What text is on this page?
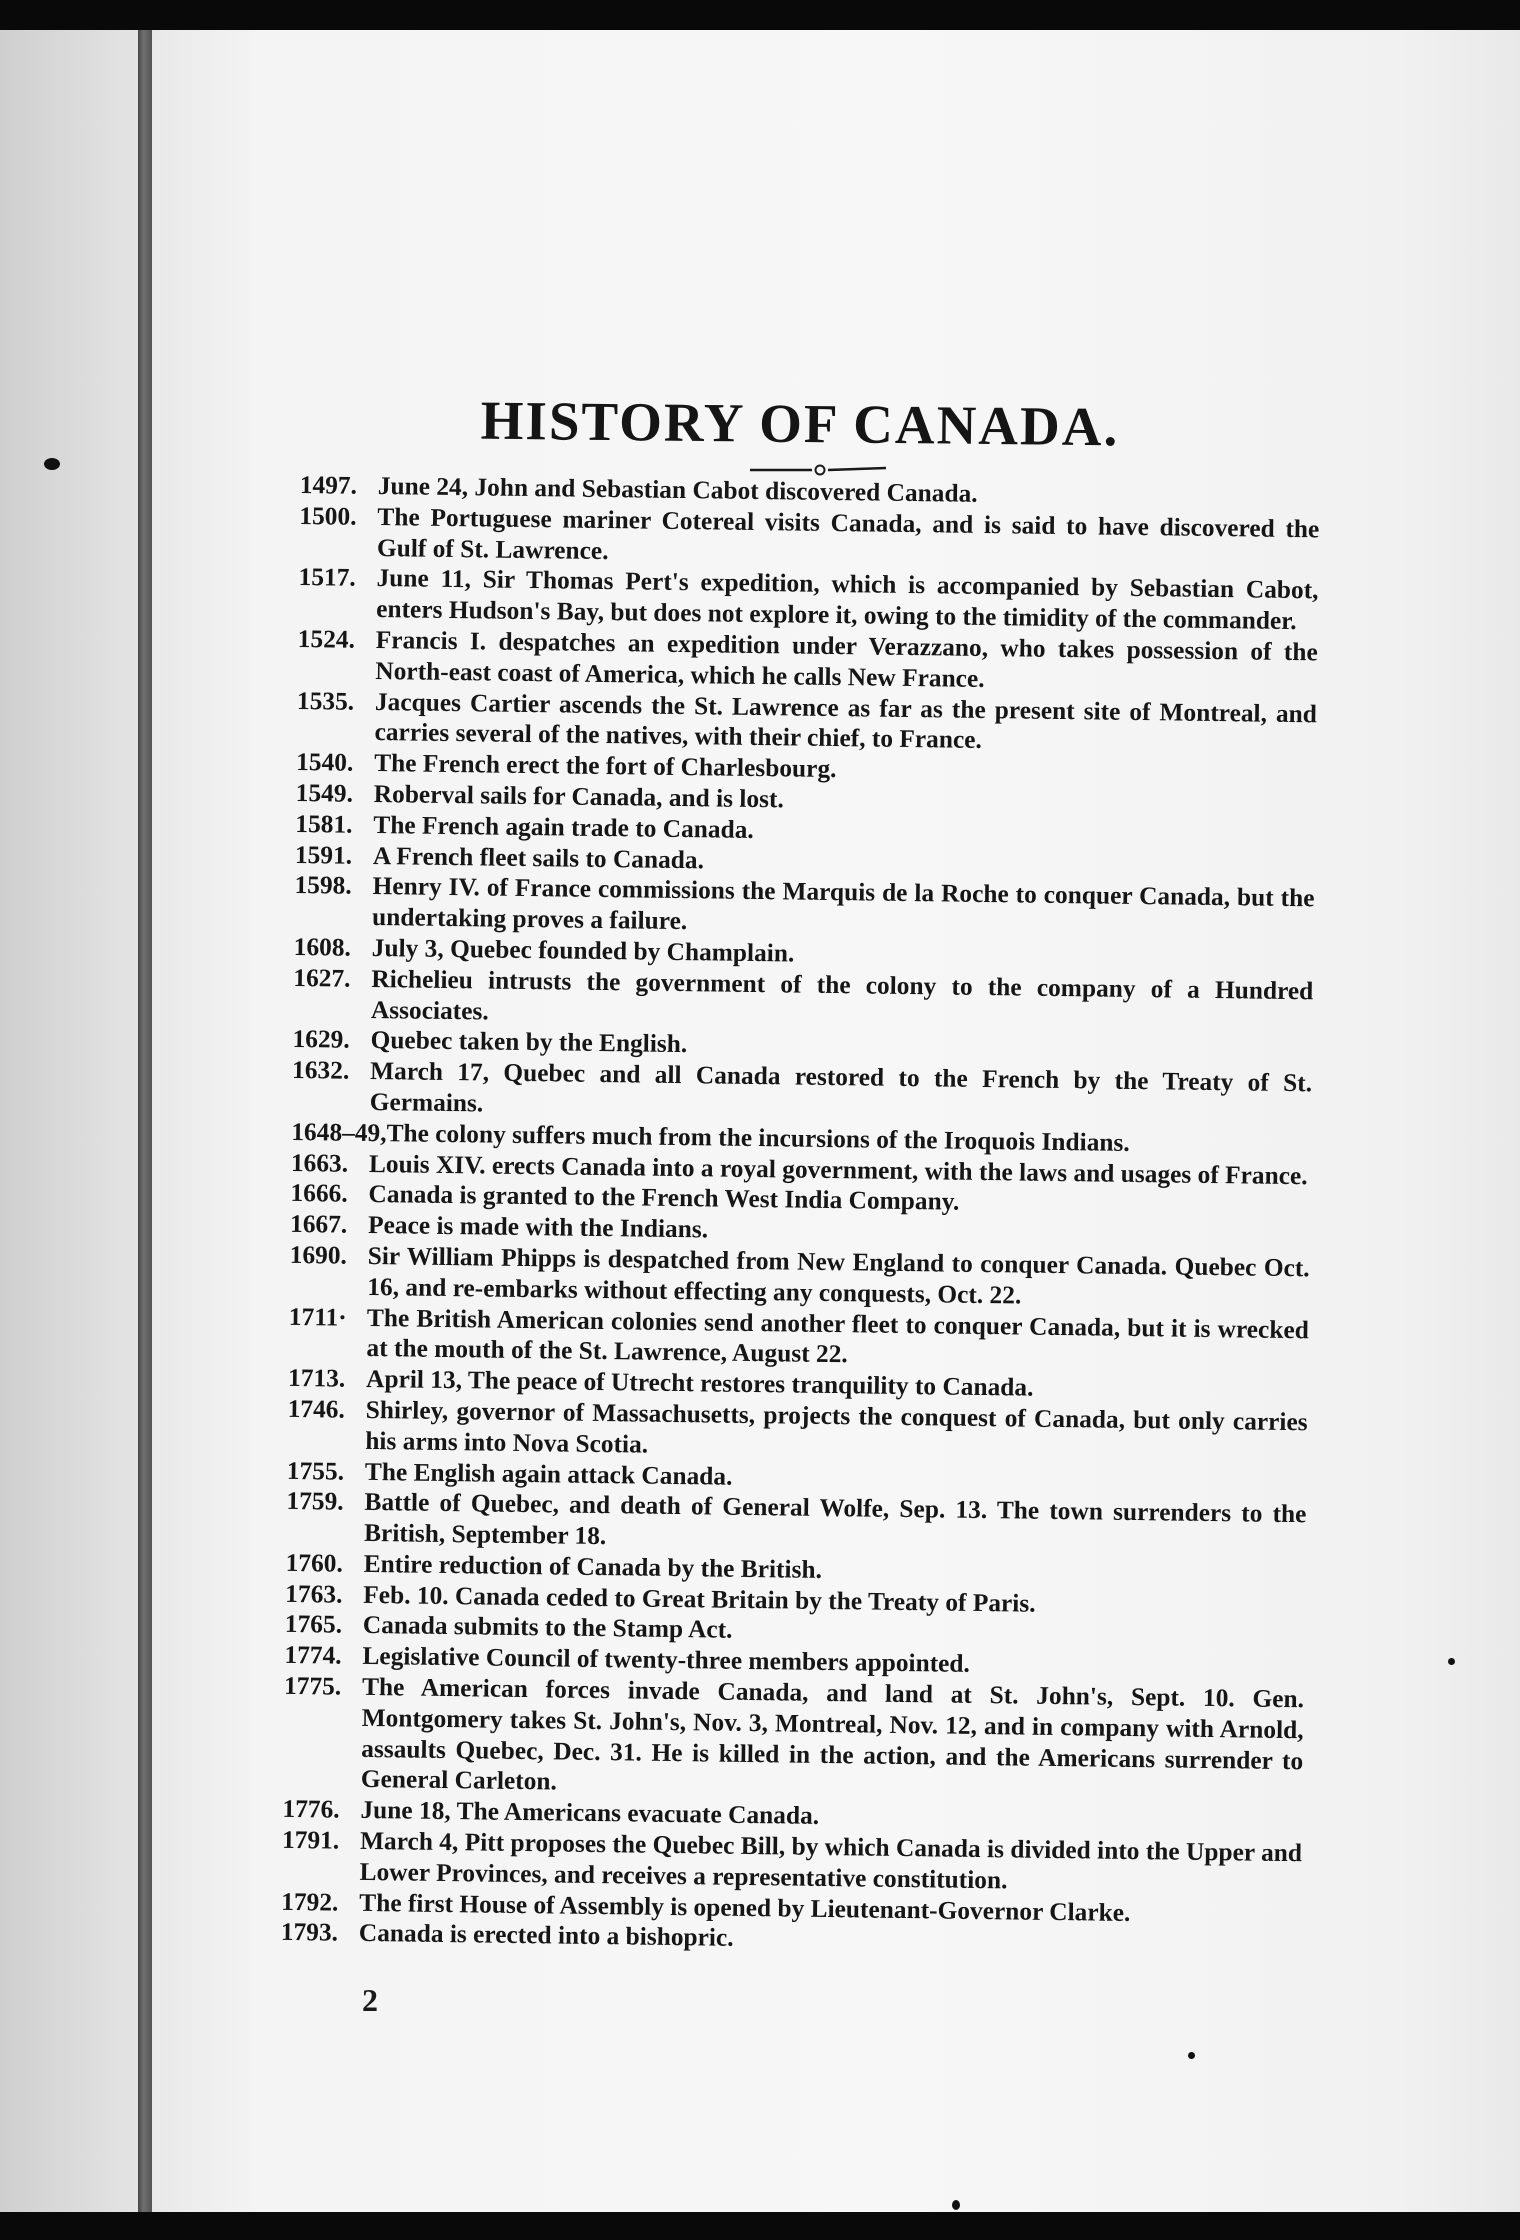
HISTORY OF CANADA.
1497. June 24, John and Sebastian Cabot discovered Canada.
1500. The Portuguese mariner Cotereal visits Canada, and is said to have discovered the Gulf of St. Lawrence.
1517. June 11, Sir Thomas Pert's expedition, which is accompanied by Sebastian Cabot, enters Hudson's Bay, but does not explore it, owing to the timidity of the commander.
1524. Francis I. despatches an expedition under Verazzano, who takes possession of the North-east coast of America, which he calls New France.
1535. Jacques Cartier ascends the St. Lawrence as far as the present site of Montreal, and carries several of the natives, with their chief, to France.
1540. The French erect the fort of Charlesbourg.
1549. Roberval sails for Canada, and is lost.
1581. The French again trade to Canada.
1591. A French fleet sails to Canada.
1598. Henry IV. of France commissions the Marquis de la Roche to conquer Canada, but the undertaking proves a failure.
1608. July 3, Quebec founded by Champlain.
1627. Richelieu intrusts the government of the colony to the company of a Hundred Associates.
1629. Quebec taken by the English.
1632. March 17, Quebec and all Canada restored to the French by the Treaty of St. Germains.
1648–49, The colony suffers much from the incursions of the Iroquois Indians.
1663. Louis XIV. erects Canada into a royal government, with the laws and usages of France.
1666. Canada is granted to the French West India Company.
1667. Peace is made with the Indians.
1690. Sir William Phipps is despatched from New England to conquer Canada. Quebec Oct. 16, and re-embarks without effecting any conquests, Oct. 22.
1711· The British American colonies send another fleet to conquer Canada, but it is wrecked at the mouth of the St. Lawrence, August 22.
1713. April 13, The peace of Utrecht restores tranquility to Canada.
1746. Shirley, governor of Massachusetts, projects the conquest of Canada, but only carries his arms into Nova Scotia.
1755. The English again attack Canada.
1759. Battle of Quebec, and death of General Wolfe, Sep. 13. The town surrenders to the British, September 18.
1760. Entire reduction of Canada by the British.
1763. Feb. 10. Canada ceded to Great Britain by the Treaty of Paris.
1765. Canada submits to the Stamp Act.
1774. Legislative Council of twenty-three members appointed.
1775. The American forces invade Canada, and land at St. John's, Sept. 10. Gen. Montgomery takes St. John's, Nov. 3, Montreal, Nov. 12, and in company with Arnold, assaults Quebec, Dec. 31. He is killed in the action, and the Americans surrender to General Carleton.
1776. June 18, The Americans evacuate Canada.
1791. March 4, Pitt proposes the Quebec Bill, by which Canada is divided into the Upper and Lower Provinces, and receives a representative constitution.
1792. The first House of Assembly is opened by Lieutenant-Governor Clarke.
1793. Canada is erected into a bishopric.
2
